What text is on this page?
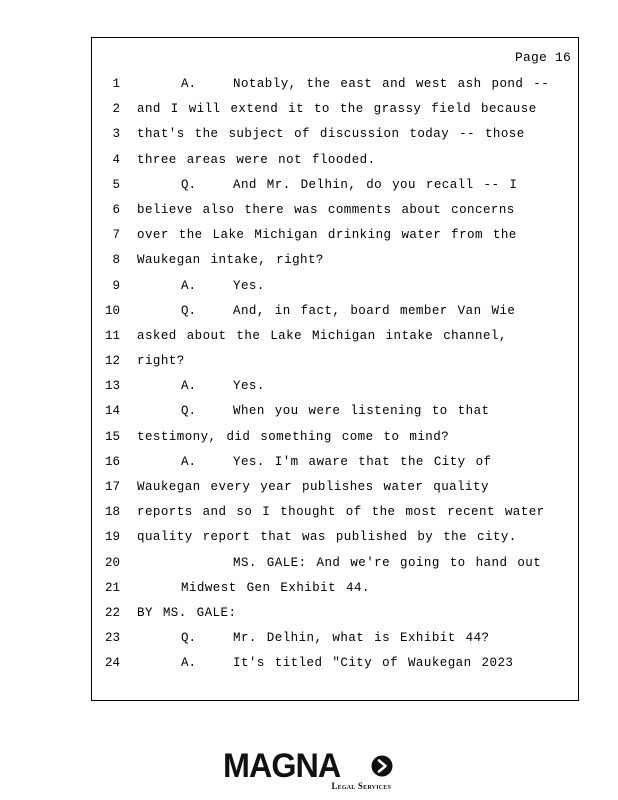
Page 16
1	A.	Notably, the east and west ash pond --
2 and I will extend it to the grassy field because
3 that's the subject of discussion today -- those
4 three areas were not flooded.
5	Q.	And Mr. Delhin, do you recall -- I
6 believe also there was comments about concerns
7 over the Lake Michigan drinking water from the
8 Waukegan intake, right?
9	A.	Yes.
10	Q.	And, in fact, board member Van Wie
11 asked about the Lake Michigan intake channel,
12 right?
13	A.	Yes.
14	Q.	When you were listening to that
15 testimony, did something come to mind?
16	A.	Yes. I'm aware that the City of
17 Waukegan every year publishes water quality
18 reports and so I thought of the most recent water
19 quality report that was published by the city.
20	MS. GALE: And we're going to hand out
21	Midwest Gen Exhibit 44.
22 BY MS. GALE:
23	Q.	Mr. Delhin, what is Exhibit 44?
24	A.	It's titled "City of Waukegan 2023
MAGNA
Legal Services
